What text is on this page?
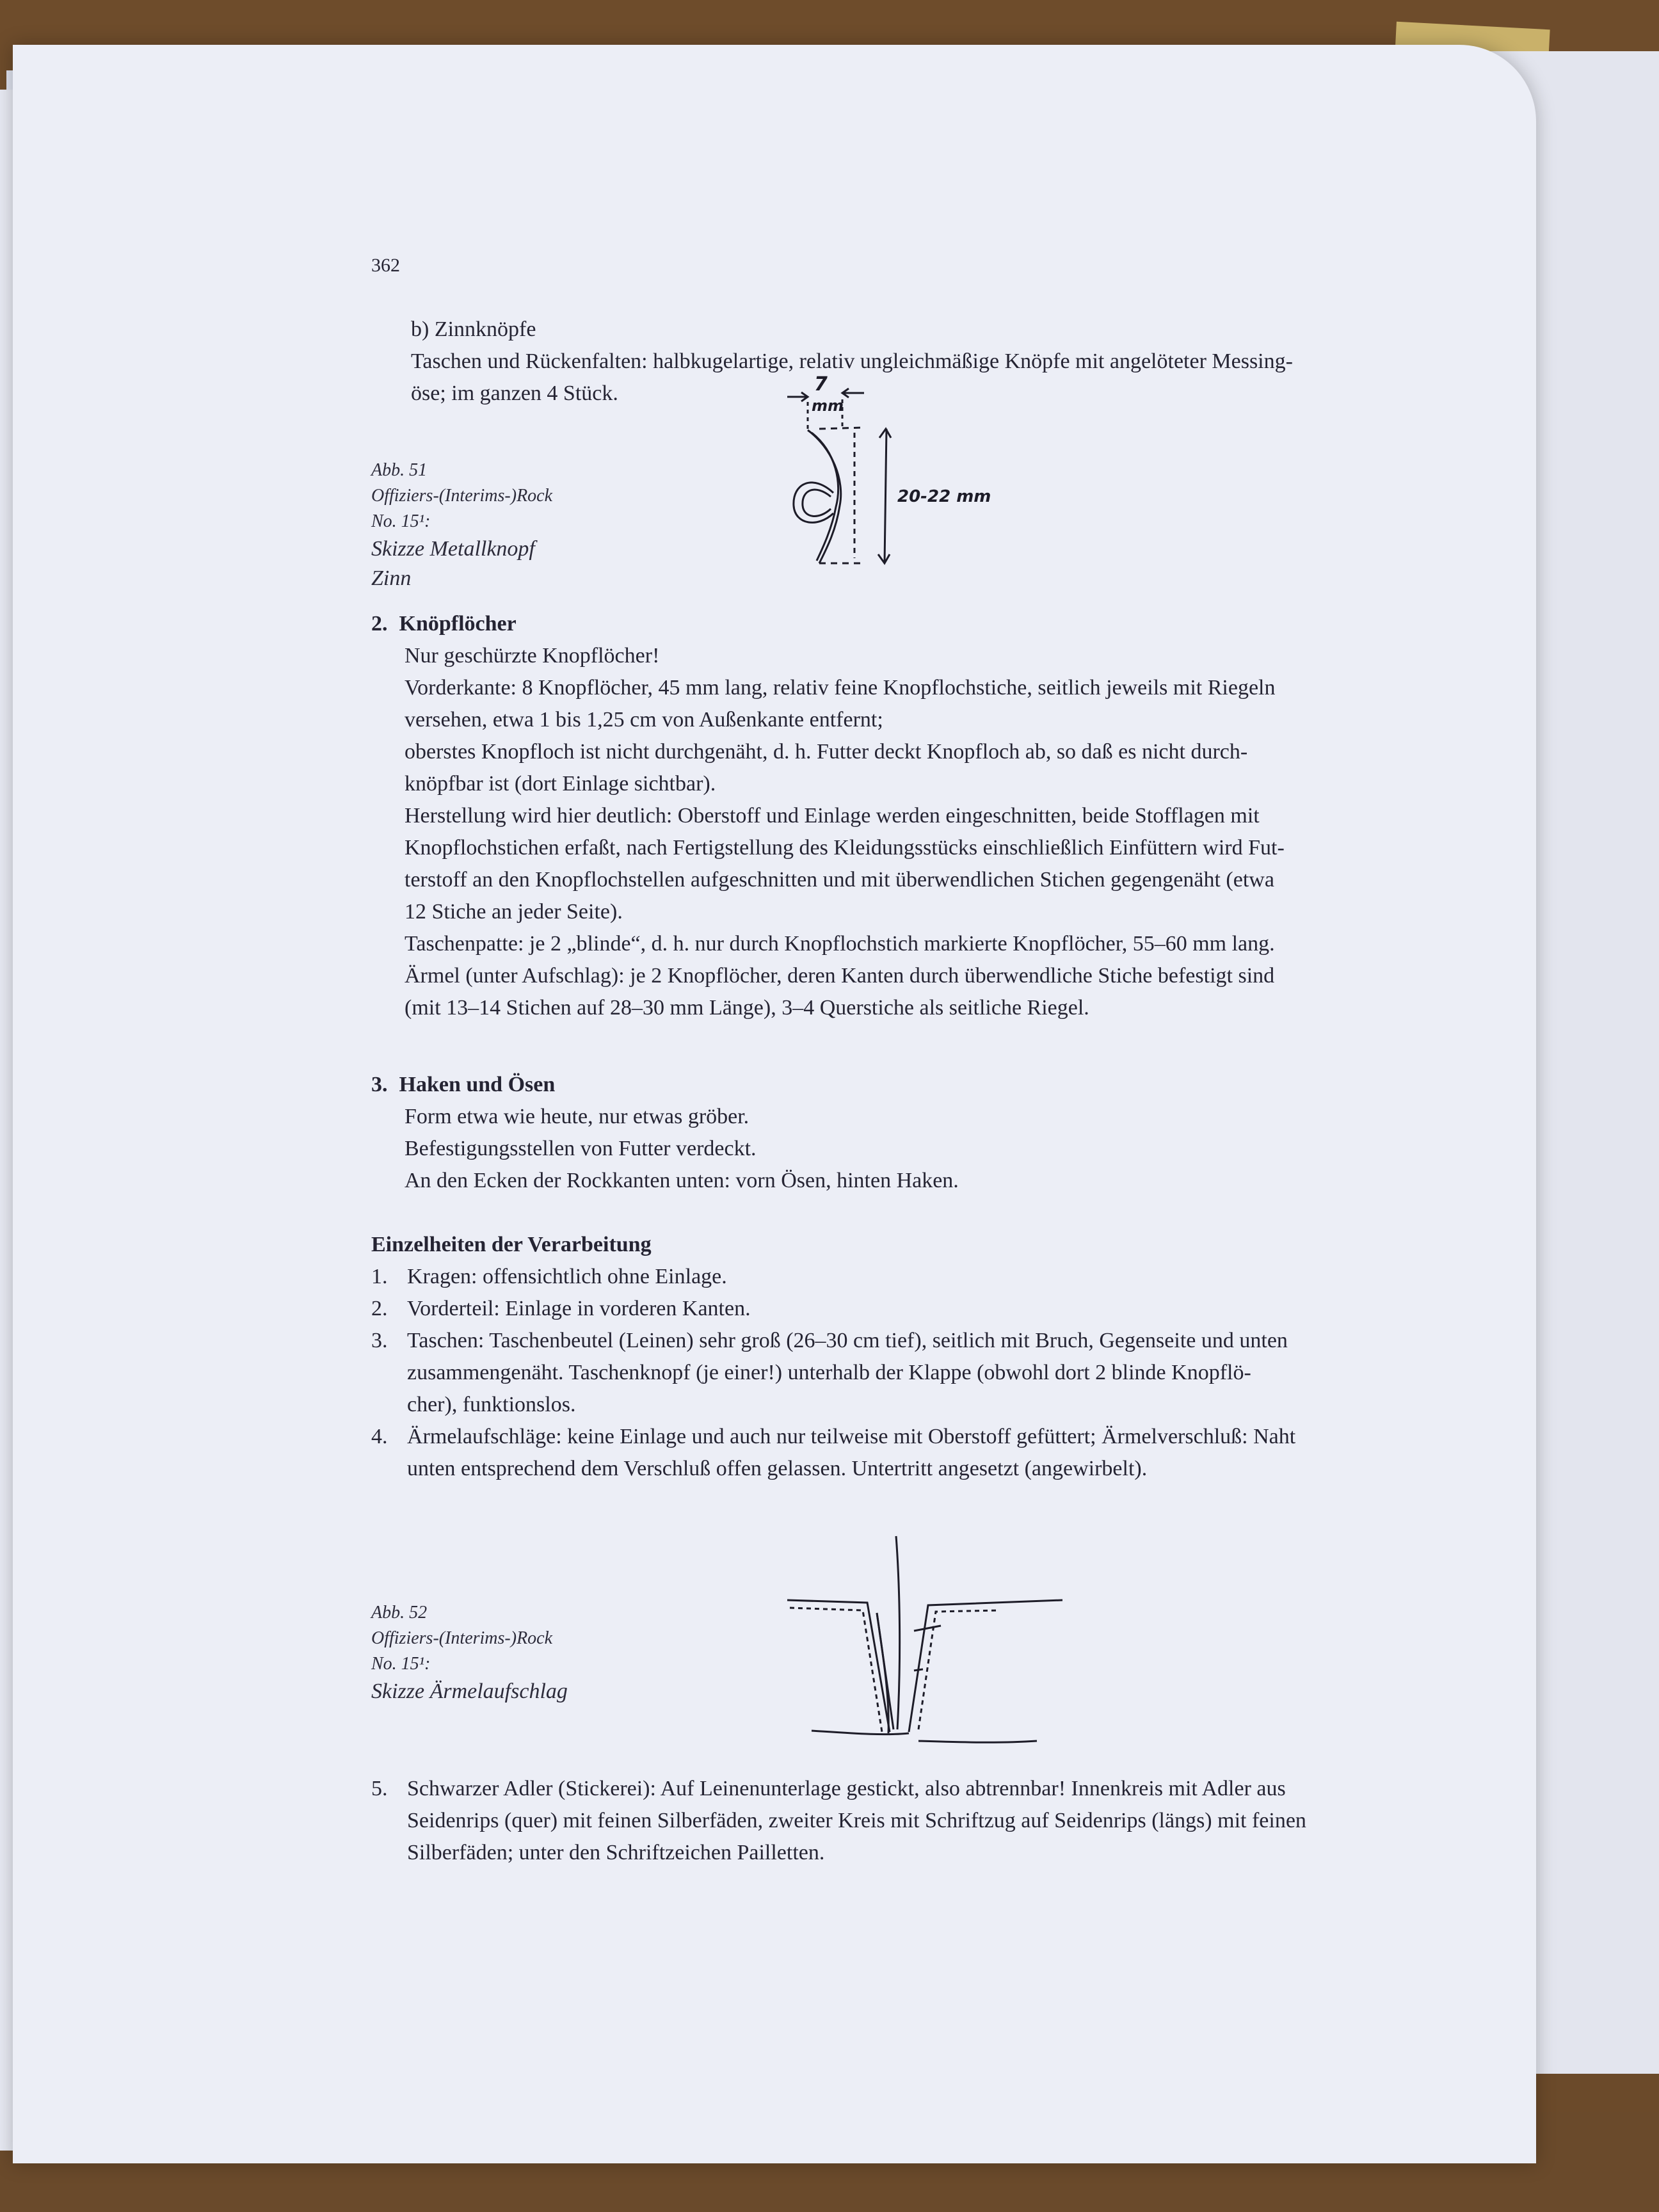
362
b) Zinnknöpfe
Taschen und Rückenfalten: halbkugelartige, relativ ungleichmäßige Knöpfe mit angelöteter Messing-
öse; im ganzen 4 Stück.
Abb. 51
Offiziers-(Interims-)Rock
No. 15¹:
Skizze Metallknopf
Zinn
7
mm
20-22 mm
2. Knöpflöcher
Nur geschürzte Knopflöcher!
Vorderkante: 8 Knopflöcher, 45 mm lang, relativ feine Knopflochstiche, seitlich jeweils mit Riegeln
versehen, etwa 1 bis 1,25 cm von Außenkante entfernt;
oberstes Knopfloch ist nicht durchgenäht, d. h. Futter deckt Knopfloch ab, so daß es nicht durch-
knöpfbar ist (dort Einlage sichtbar).
Herstellung wird hier deutlich: Oberstoff und Einlage werden eingeschnitten, beide Stofflagen mit
Knopflochstichen erfaßt, nach Fertigstellung des Kleidungsstücks einschließlich Einfüttern wird Fut-
terstoff an den Knopflochstellen aufgeschnitten und mit überwendlichen Stichen gegengenäht (etwa
12 Stiche an jeder Seite).
Taschenpatte: je 2 „blinde“, d. h. nur durch Knopflochstich markierte Knopflöcher, 55–60 mm lang.
Ärmel (unter Aufschlag): je 2 Knopflöcher, deren Kanten durch überwendliche Stiche befestigt sind
(mit 13–14 Stichen auf 28–30 mm Länge), 3–4 Querstiche als seitliche Riegel.
3. Haken und Ösen
Form etwa wie heute, nur etwas gröber.
Befestigungsstellen von Futter verdeckt.
An den Ecken der Rockkanten unten: vorn Ösen, hinten Haken.
Einzelheiten der Verarbeitung
1. Kragen: offensichtlich ohne Einlage.
2. Vorderteil: Einlage in vorderen Kanten.
3. Taschen: Taschenbeutel (Leinen) sehr groß (26–30 cm tief), seitlich mit Bruch, Gegenseite und unten
zusammengenäht. Taschenknopf (je einer!) unterhalb der Klappe (obwohl dort 2 blinde Knopflö-
cher), funktionslos.
4. Ärmelaufschläge: keine Einlage und auch nur teilweise mit Oberstoff gefüttert; Ärmelverschluß: Naht
unten entsprechend dem Verschluß offen gelassen. Untertritt angesetzt (angewirbelt).
Abb. 52
Offiziers-(Interims-)Rock
No. 15¹:
Skizze Ärmelaufschlag
5. Schwarzer Adler (Stickerei): Auf Leinenunterlage gestickt, also abtrennbar! Innenkreis mit Adler aus
Seidenrips (quer) mit feinen Silberfäden, zweiter Kreis mit Schriftzug auf Seidenrips (längs) mit feinen
Silberfäden; unter den Schriftzeichen Pailletten.
